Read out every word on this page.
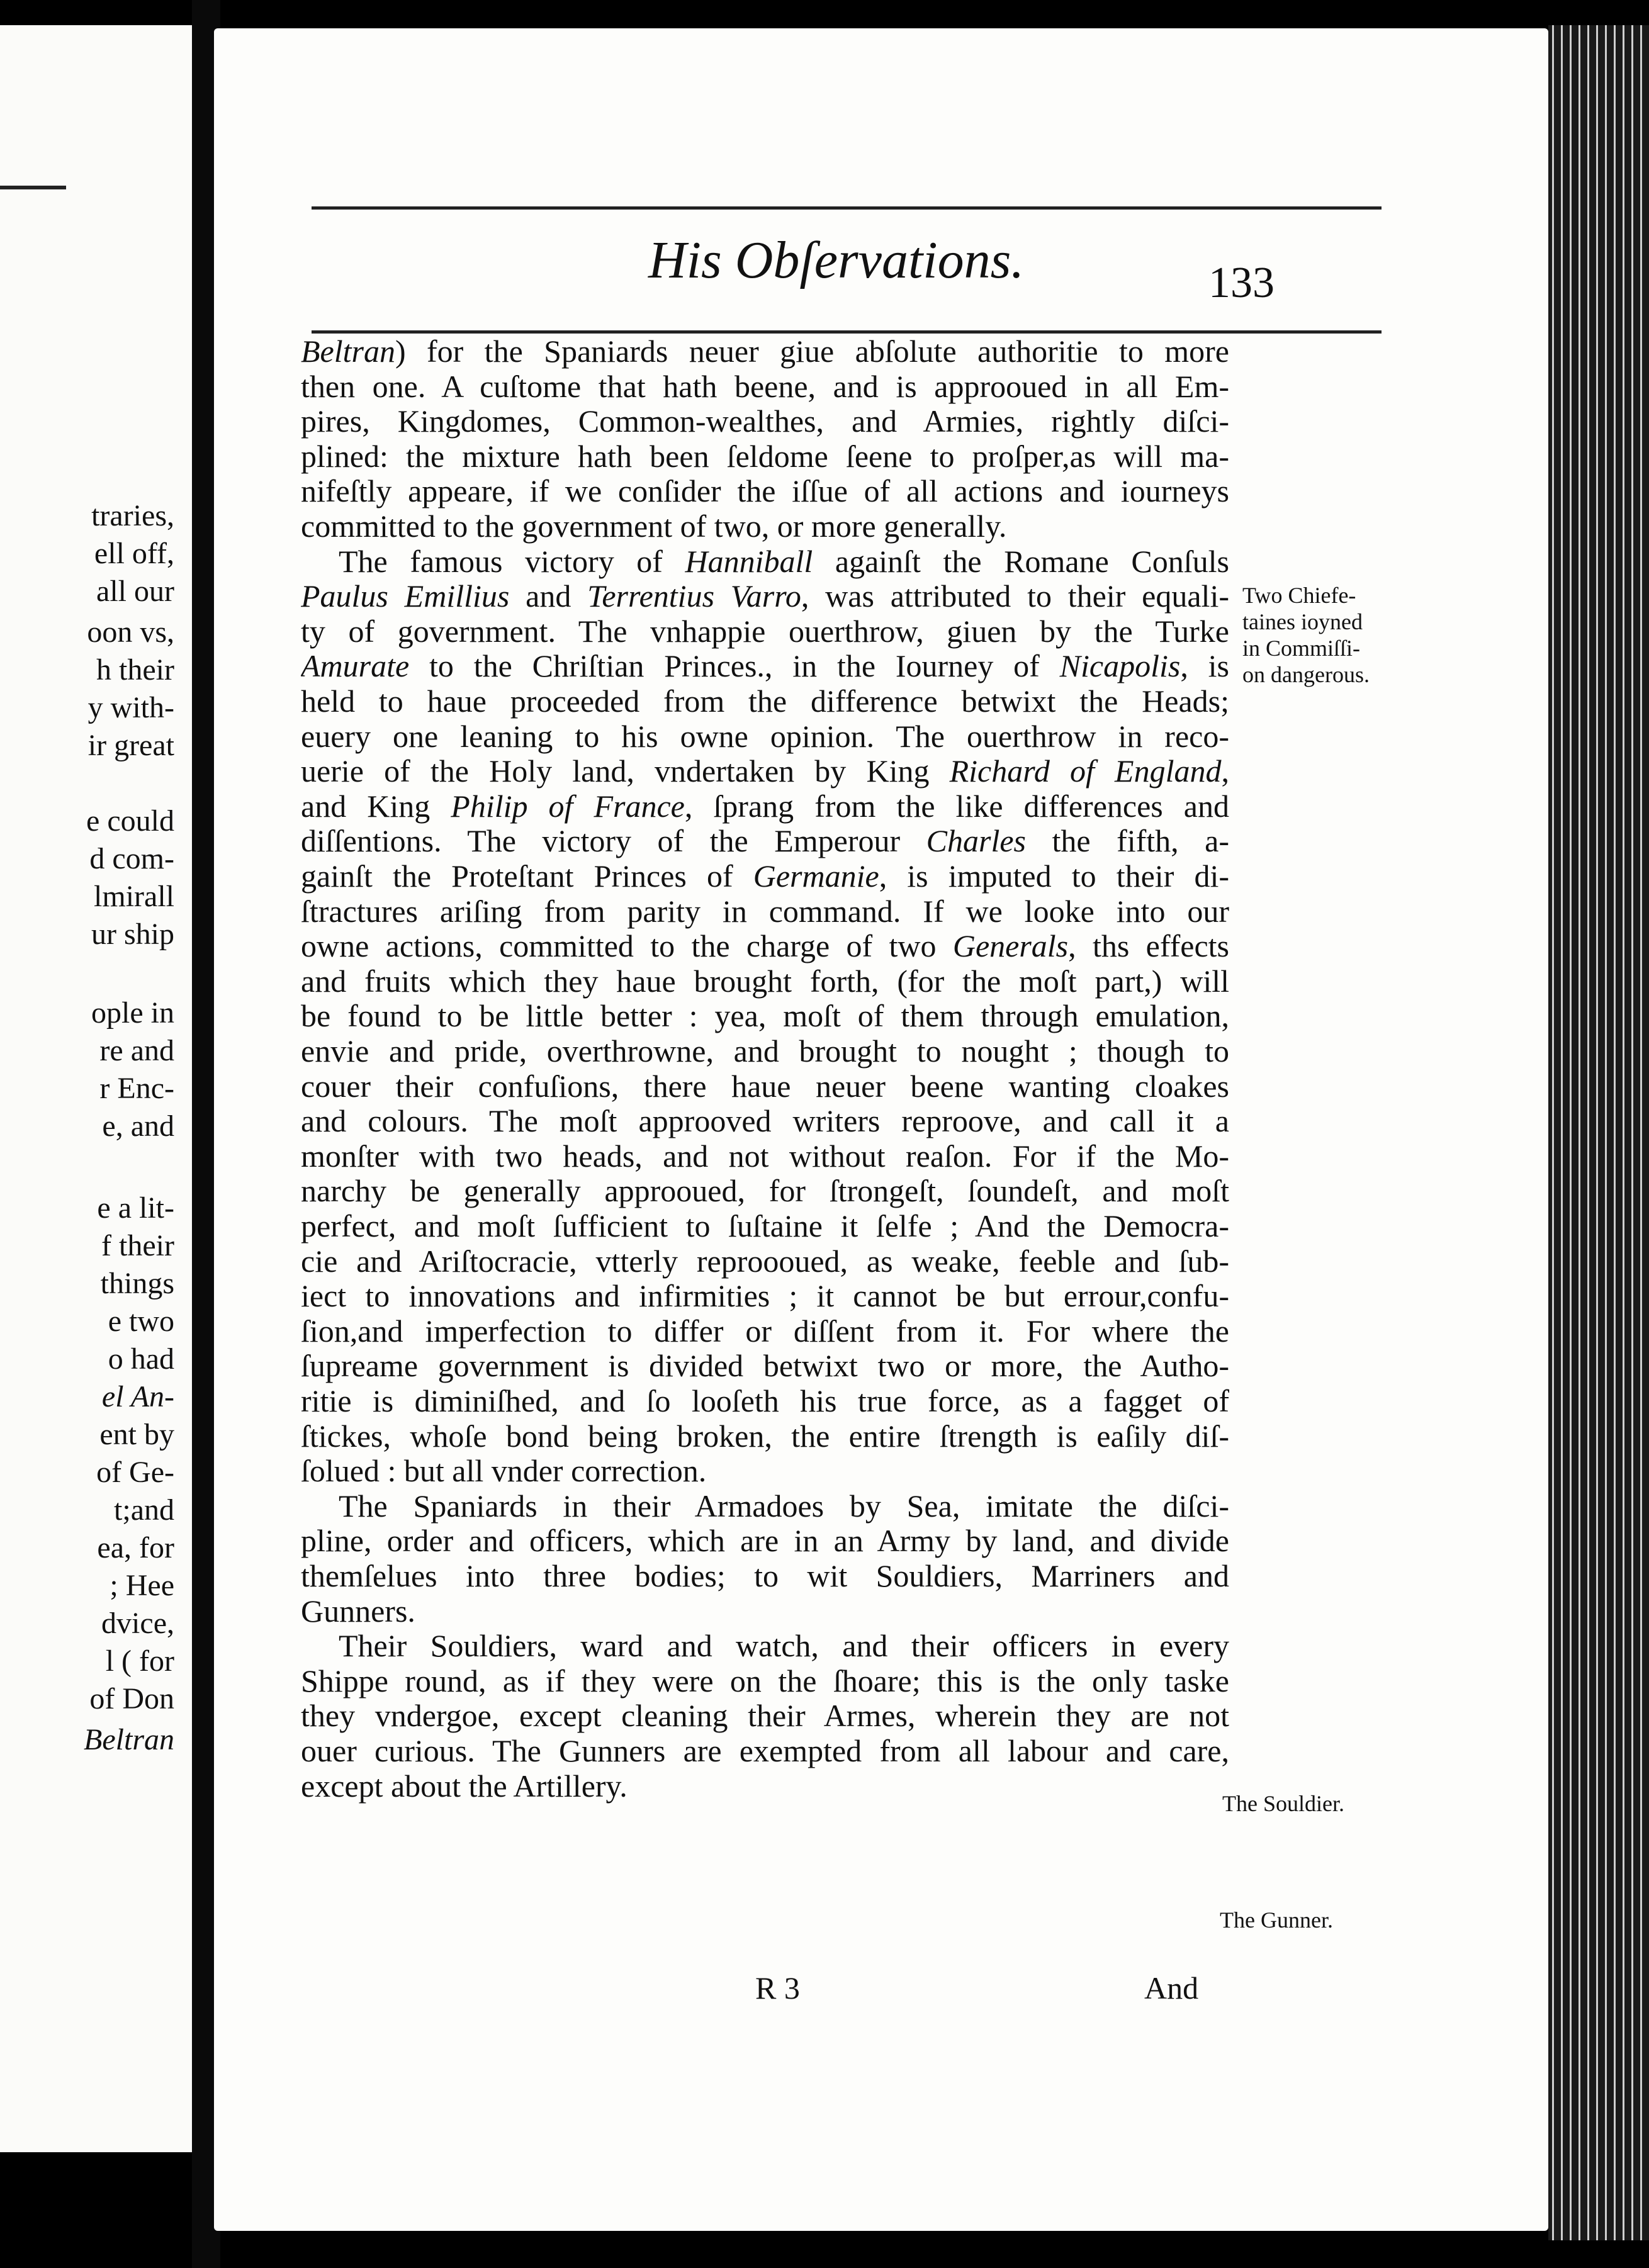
traries,
ell off,
all our
oon vs,
h their
y with-
ir great
e could
d com-
lmirall
ur ship
ople in
re and
r Enc-
e, and
e a lit-
f their
things
e two
o had
el An-
ent by
of Ge-
t;and
ea, for
; Hee
dvice,
l ( for
of Don
Beltran
His Obſervations.	133
Beltran) for the Spaniards neuer giue abſolute authoritie to more
then one. A cuſtome that hath beene, and is approoued in all Em-
pires, Kingdomes, Common-wealthes, and Armies, rightly diſci-
plined: the mixture hath been ſeldome ſeene to proſper,as will ma-
nifeſtly appeare, if we conſider the iſſue of all actions and iourneys
committed to the government of two, or more generally.
The famous victory of Hanniball againſt the Romane Conſuls
Paulus Emillius and Terrentius Varro, was attributed to their equali-
ty of government. The vnhappie ouerthrow, giuen by the Turke
Amurate to the Chriſtian Princes., in the Iourney of Nicapolis, is
held to haue proceeded from the difference betwixt the Heads;
euery one leaning to his owne opinion. The ouerthrow in reco-
uerie of the Holy land, vndertaken by King Richard of England,
and King Philip of France, ſprang from the like differences and
diſſentions. The victory of the Emperour Charles the fifth, a-
gainſt the Proteſtant Princes of Germanie, is imputed to their di-
ſtractures ariſing from parity in command. If we looke into our
owne actions, committed to the charge of two Generals, ths effects
and fruits which they haue brought forth, (for the moſt part,) will
be found to be little better : yea, moſt of them through emulation,
envie and pride, overthrowne, and brought to nought ; though to
couer their confuſions, there haue neuer beene wanting cloakes
and colours. The moſt approoved writers reproove, and call it a
monſter with two heads, and not without reaſon. For if the Mo-
narchy be generally approoued, for ſtrongeſt, ſoundeſt, and moſt
perfect, and moſt ſufficient to ſuſtaine it ſelfe ; And the Democra-
cie and Ariſtocracie, vtterly reproooued, as weake, feeble and ſub-
iect to innovations and infirmities ; it cannot be but errour,confu-
ſion,and imperfection to differ or diſſent from it. For where the
ſupreame government is divided betwixt two or more, the Autho-
ritie is diminiſhed, and ſo looſeth his true force, as a fagget of
ſtickes, whoſe bond being broken, the entire ſtrength is eaſily diſ-
ſolued : but all vnder correction.
The Spaniards in their Armadoes by Sea, imitate the diſci-
pline, order and officers, which are in an Army by land, and divide
themſelues into three bodies; to wit Souldiers, Marriners and
Gunners.
Their Souldiers, ward and watch, and their officers in every
Shippe round, as if they were on the ſhoare; this is the only taske
they vndergoe, except cleaning their Armes, wherein they are not
ouer curious. The Gunners are exempted from all labour and care,
except about the Artillery.
Two Chiefe-
taines ioyned
in Commiſſi-
on dangerous.
The Souldier.
The Gunner.
R 3	And
